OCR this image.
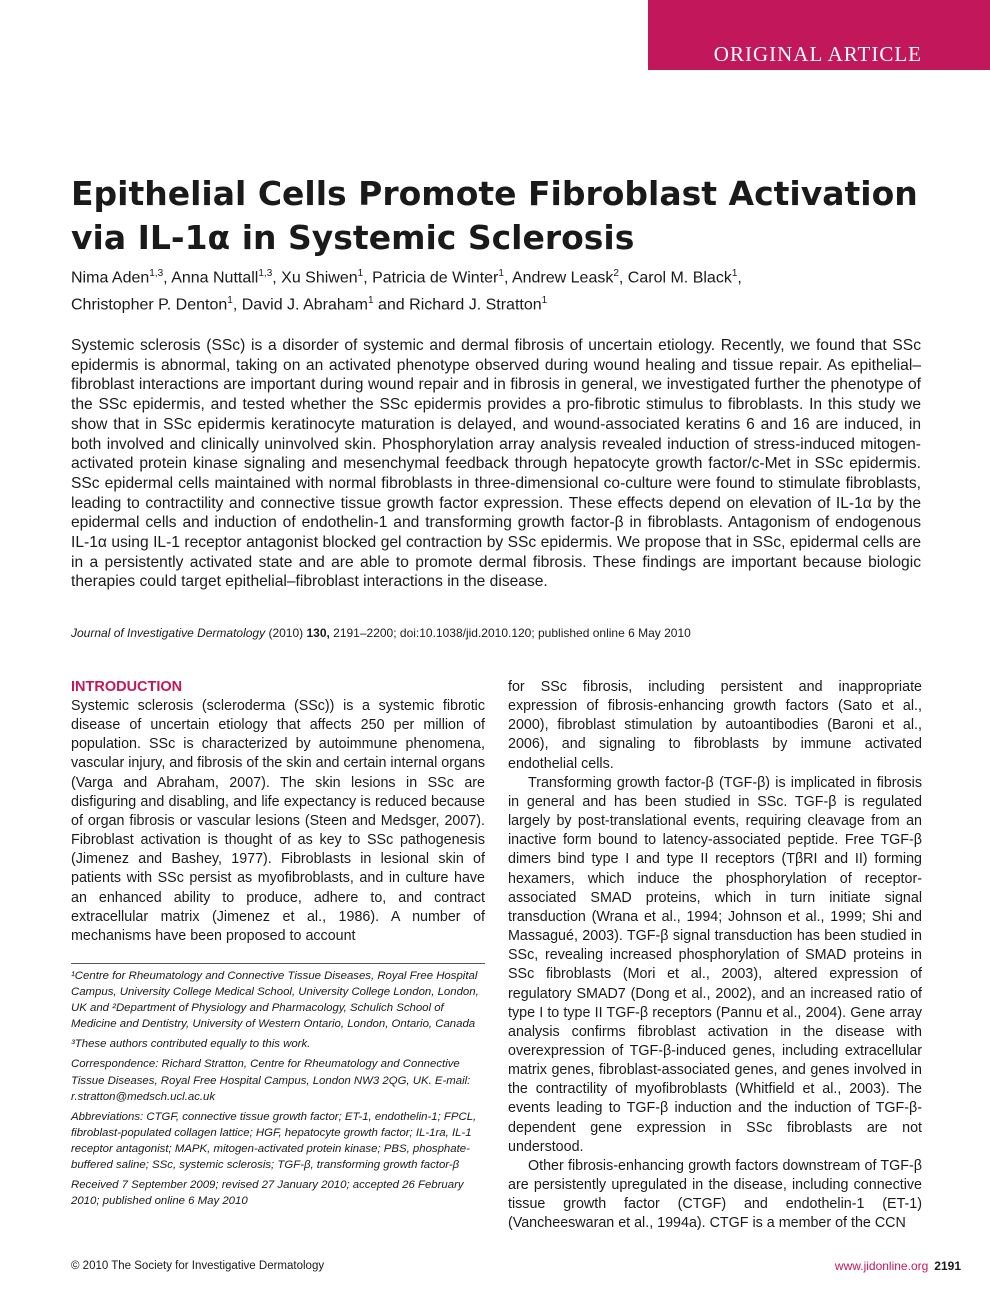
ORIGINAL ARTICLE
Epithelial Cells Promote Fibroblast Activation
via IL-1α in Systemic Sclerosis
Nima Aden$^{1,3}$, Anna Nuttall$^{1,3}$, Xu Shiwen$^1$, Patricia de Winter$^1$, Andrew Leask$^2$, Carol M. Black$^1$,
Christopher P. Denton$^1$, David J. Abraham$^1$ and Richard J. Stratton$^1$

Systemic sclerosis (SSc) is a disorder of systemic and dermal fibrosis of uncertain etiology. Recently, we found that SSc epidermis is abnormal, taking on an activated phenotype observed during wound healing and tissue repair. As epithelial–fibroblast interactions are important during wound repair and in fibrosis in general, we investigated further the phenotype of the SSc epidermis, and tested whether the SSc epidermis provides a pro-fibrotic stimulus to fibroblasts. In this study we show that in SSc epidermis keratinocyte maturation is delayed, and wound-associated keratins 6 and 16 are induced, in both involved and clinically uninvolved skin. Phosphorylation array analysis revealed induction of stress-induced mitogen-activated protein kinase signaling and mesenchymal feedback through hepatocyte growth factor/c-Met in SSc epidermis. SSc epidermal cells maintained with normal fibroblasts in three-dimensional co-culture were found to stimulate fibroblasts, leading to contractility and connective tissue growth factor expression. These effects depend on elevation of IL-1α by the epidermal cells and induction of endothelin-1 and transforming growth factor-β in fibroblasts. Antagonism of endogenous IL-1α using IL-1 receptor antagonist blocked gel contraction by SSc epidermis. We propose that in SSc, epidermal cells are in a persistently activated state and are able to promote dermal fibrosis. These findings are important because biologic therapies could target epithelial–fibroblast interactions in the disease.

Journal of Investigative Dermatology (2010) 130, 2191–2200; doi:10.1038/jid.2010.120; published online 6 May 2010

INTRODUCTION

Systemic sclerosis (scleroderma (SSc)) is a systemic fibrotic disease of uncertain etiology that affects 250 per million of population. SSc is characterized by autoimmune phenomena, vascular injury, and fibrosis of the skin and certain internal organs (Varga and Abraham, 2007). The skin lesions in SSc are disfiguring and disabling, and life expectancy is reduced because of organ fibrosis or vascular lesions (Steen and Medsger, 2007). Fibroblast activation is thought of as key to SSc pathogenesis (Jimenez and Bashey, 1977). Fibroblasts in lesional skin of patients with SSc persist as myofibroblasts, and in culture have an enhanced ability to produce, adhere to, and contract extracellular matrix (Jimenez et al., 1986). A number of mechanisms have been proposed to account

¹Centre for Rheumatology and Connective Tissue Diseases, Royal Free Hospital Campus, University College Medical School, University College London, London, UK and ²Department of Physiology and Pharmacology, Schulich School of Medicine and Dentistry, University of Western Ontario, London, Ontario, Canada

³These authors contributed equally to this work.

Correspondence: Richard Stratton, Centre for Rheumatology and Connective Tissue Diseases, Royal Free Hospital Campus, London NW3 2QG, UK. E-mail: r.stratton@medsch.ucl.ac.uk

Abbreviations: CTGF, connective tissue growth factor; ET-1, endothelin-1; FPCL, fibroblast-populated collagen lattice; HGF, hepatocyte growth factor; IL-1ra, IL-1 receptor antagonist; MAPK, mitogen-activated protein kinase; PBS, phosphate-buffered saline; SSc, systemic sclerosis; TGF-β, transforming growth factor-β

Received 7 September 2009; revised 27 January 2010; accepted 26 February 2010; published online 6 May 2010

for SSc fibrosis, including persistent and inappropriate expression of fibrosis-enhancing growth factors (Sato et al., 2000), fibroblast stimulation by autoantibodies (Baroni et al., 2006), and signaling to fibroblasts by immune activated endothelial cells.

Transforming growth factor-β (TGF-β) is implicated in fibrosis in general and has been studied in SSc. TGF-β is regulated largely by post-translational events, requiring cleavage from an inactive form bound to latency-associated peptide. Free TGF-β dimers bind type I and type II receptors (TβRI and II) forming hexamers, which induce the phosphorylation of receptor-associated SMAD proteins, which in turn initiate signal transduction (Wrana et al., 1994; Johnson et al., 1999; Shi and Massagué, 2003). TGF-β signal transduction has been studied in SSc, revealing increased phosphorylation of SMAD proteins in SSc fibroblasts (Mori et al., 2003), altered expression of regulatory SMAD7 (Dong et al., 2002), and an increased ratio of type I to type II TGF-β receptors (Pannu et al., 2004). Gene array analysis confirms fibroblast activation in the disease with overexpression of TGF-β-induced genes, including extracellular matrix genes, fibroblast-associated genes, and genes involved in the contractility of myofibroblasts (Whitfield et al., 2003). The events leading to TGF-β induction and the induction of TGF-β-dependent gene expression in SSc fibroblasts are not understood.

Other fibrosis-enhancing growth factors downstream of TGF-β are persistently upregulated in the disease, including connective tissue growth factor (CTGF) and endothelin-1 (ET-1) (Vancheeswaran et al., 1994a). CTGF is a member of the CCN

© 2010 The Society for Investigative Dermatology	www.jidonline.org 2191
